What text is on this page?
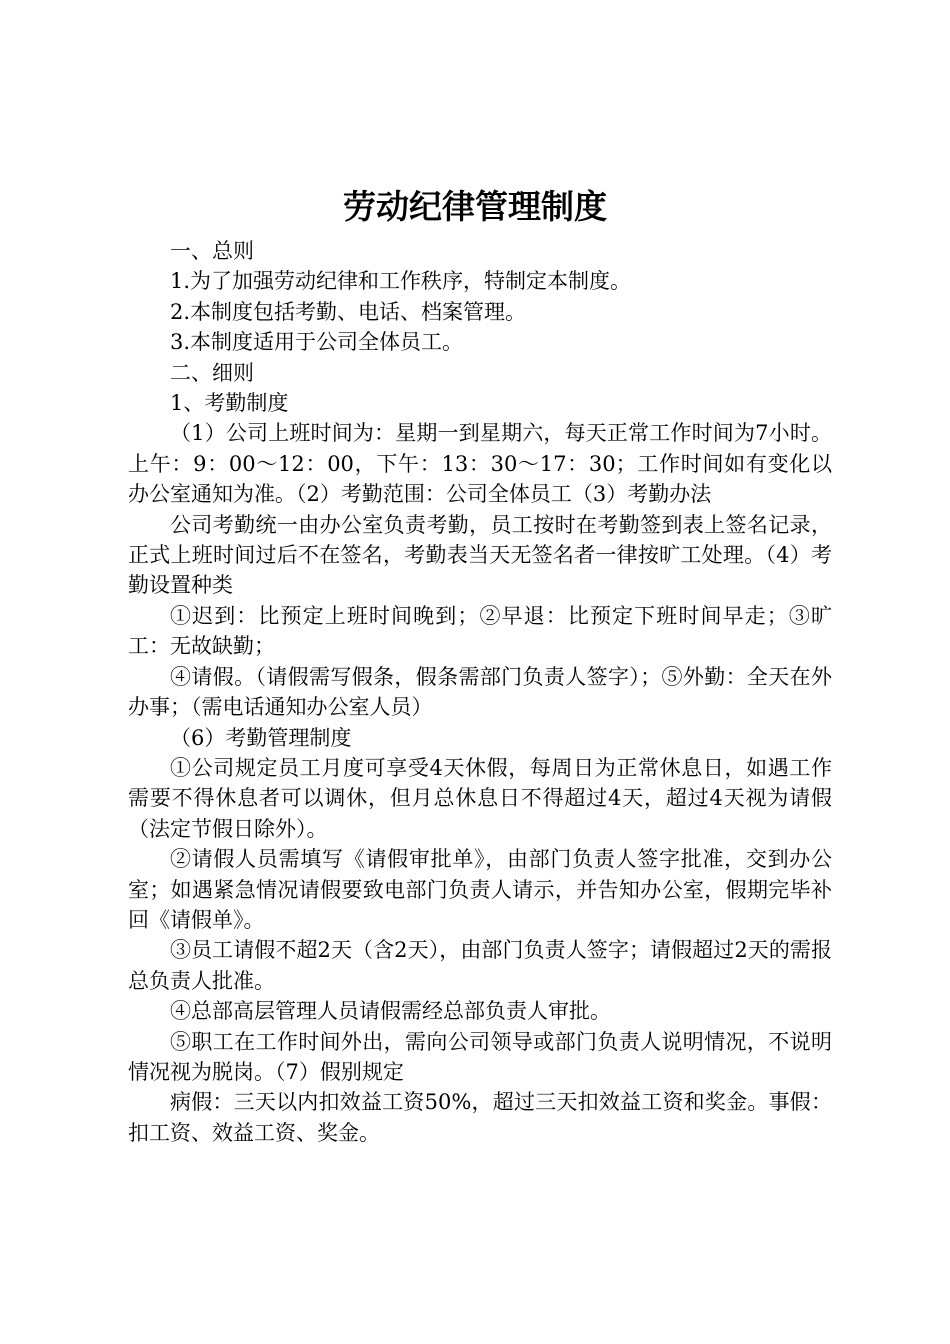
劳动纪律管理制度

一、总则

1.为了加强劳动纪律和工作秩序，特制定本制度。

2.本制度包括考勤、电话、档案管理。

3.本制度适用于公司全体员工。

二、细则

1、考勤制度

（1）公司上班时间为：星期一到星期六，每天正常工作时间为7小时。上午：9：00～12：00，下午：13：30～17：30；工作时间如有变化以办公室通知为准。（2）考勤范围：公司全体员工（3）考勤办法

公司考勤统一由办公室负责考勤，员工按时在考勤签到表上签名记录，正式上班时间过后不在签名，考勤表当天无签名者一律按旷工处理。（4）考勤设置种类

①迟到：比预定上班时间晚到；②早退：比预定下班时间早走；③旷工：无故缺勤；

④请假。（请假需写假条，假条需部门负责人签字）；⑤外勤：全天在外办事；（需电话通知办公室人员）

（6）考勤管理制度

①公司规定员工月度可享受4天休假，每周日为正常休息日，如遇工作需要不得休息者可以调休，但月总休息日不得超过4天，超过4天视为请假（法定节假日除外）。

②请假人员需填写《请假审批单》，由部门负责人签字批准，交到办公室；如遇紧急情况请假要致电部门负责人请示，并告知办公室，假期完毕补回《请假单》。

③员工请假不超2天（含2天），由部门负责人签字；请假超过2天的需报总负责人批准。

④总部高层管理人员请假需经总部负责人审批。

⑤职工在工作时间外出，需向公司领导或部门负责人说明情况，不说明情况视为脱岗。（7）假别规定

病假：三天以内扣效益工资50%，超过三天扣效益工资和奖金。事假：扣工资、效益工资、奖金。
